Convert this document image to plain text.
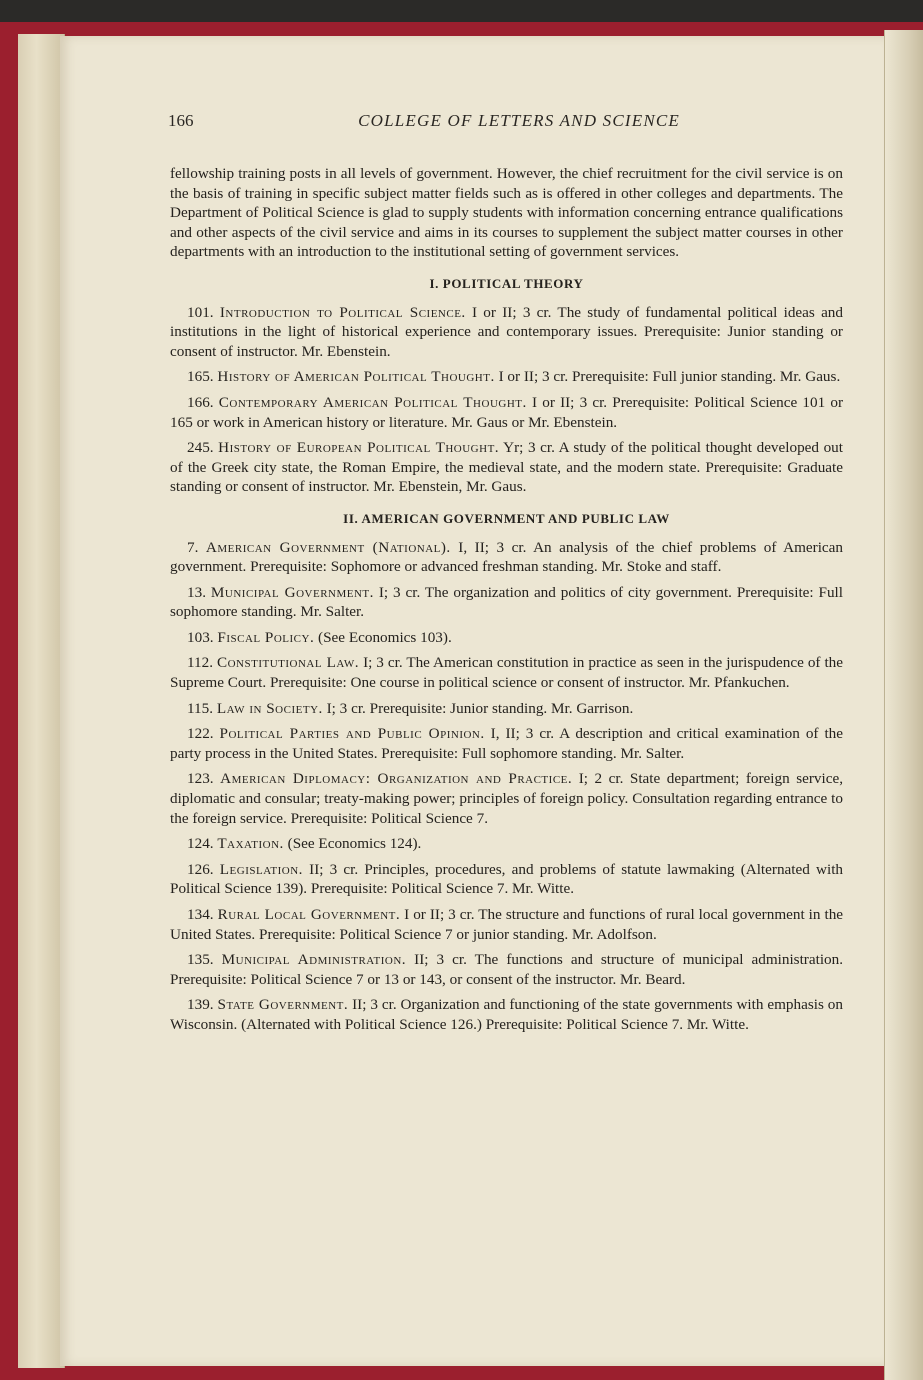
166	COLLEGE OF LETTERS AND SCIENCE

fellowship training posts in all levels of government. However, the chief recruitment for the civil service is on the basis of training in specific subject matter fields such as is offered in other colleges and departments. The Department of Political Science is glad to supply students with information concerning entrance qualifications and other aspects of the civil service and aims in its courses to supplement the subject matter courses in other departments with an introduction to the institutional setting of government services.

I. POLITICAL THEORY

101. Introduction to Political Science. I or II; 3 cr. The study of fundamental political ideas and institutions in the light of historical experience and contemporary issues. Prerequisite: Junior standing or consent of instructor. Mr. Ebenstein.

165. History of American Political Thought. I or II; 3 cr. Prerequisite: Full junior standing. Mr. Gaus.

166. Contemporary American Political Thought. I or II; 3 cr. Prerequisite: Political Science 101 or 165 or work in American history or literature. Mr. Gaus or Mr. Ebenstein.

245. History of European Political Thought. Yr; 3 cr. A study of the political thought developed out of the Greek city state, the Roman Empire, the medieval state, and the modern state. Prerequisite: Graduate standing or consent of instructor. Mr. Ebenstein, Mr. Gaus.

II. AMERICAN GOVERNMENT AND PUBLIC LAW

7. American Government (National). I, II; 3 cr. An analysis of the chief problems of American government. Prerequisite: Sophomore or advanced freshman standing. Mr. Stoke and staff.

13. Municipal Government. I; 3 cr. The organization and politics of city government. Prerequisite: Full sophomore standing. Mr. Salter.

103. Fiscal Policy. (See Economics 103).

112. Constitutional Law. I; 3 cr. The American constitution in practice as seen in the jurispudence of the Supreme Court. Prerequisite: One course in political science or consent of instructor. Mr. Pfankuchen.

115. Law in Society. I; 3 cr. Prerequisite: Junior standing. Mr. Garrison.

122. Political Parties and Public Opinion. I, II; 3 cr. A description and critical examination of the party process in the United States. Prerequisite: Full sophomore standing. Mr. Salter.

123. American Diplomacy: Organization and Practice. I; 2 cr. State department; foreign service, diplomatic and consular; treaty-making power; principles of foreign policy. Consultation regarding entrance to the foreign service. Prerequisite: Political Science 7.

124. Taxation. (See Economics 124).

126. Legislation. II; 3 cr. Principles, procedures, and problems of statute lawmaking (Alternated with Political Science 139). Prerequisite: Political Science 7. Mr. Witte.

134. Rural Local Government. I or II; 3 cr. The structure and functions of rural local government in the United States. Prerequisite: Political Science 7 or junior standing. Mr. Adolfson.

135. Municipal Administration. II; 3 cr. The functions and structure of municipal administration. Prerequisite: Political Science 7 or 13 or 143, or consent of the instructor. Mr. Beard.

139. State Government. II; 3 cr. Organization and functioning of the state governments with emphasis on Wisconsin. (Alternated with Political Science 126.) Prerequisite: Political Science 7. Mr. Witte.
